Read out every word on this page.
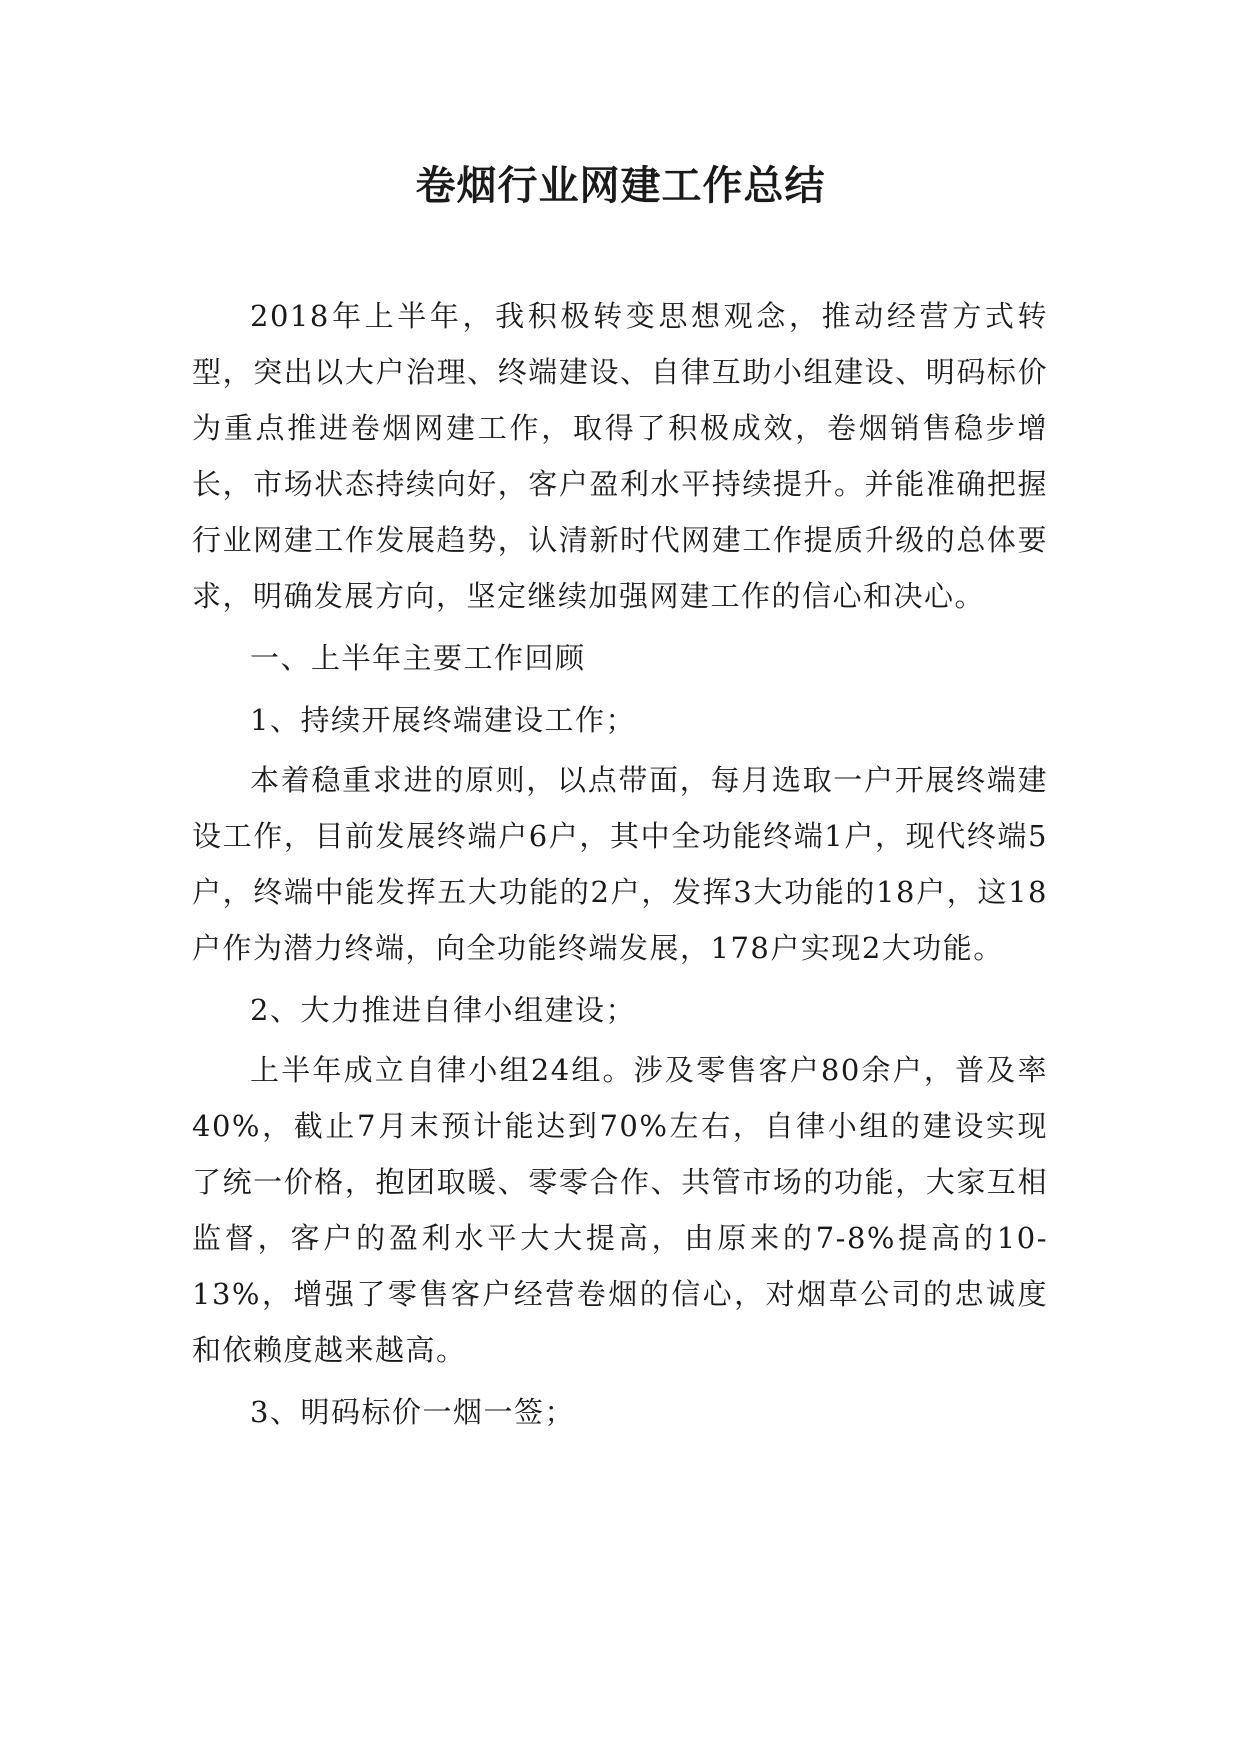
卷烟行业网建工作总结

2018年上半年，我积极转变思想观念，推动经营方式转型，突出以大户治理、终端建设、自律互助小组建设、明码标价为重点推进卷烟网建工作，取得了积极成效，卷烟销售稳步增长，市场状态持续向好，客户盈利水平持续提升。并能准确把握行业网建工作发展趋势，认清新时代网建工作提质升级的总体要求，明确发展方向，坚定继续加强网建工作的信心和决心。

一、上半年主要工作回顾

1、持续开展终端建设工作；

本着稳重求进的原则，以点带面，每月选取一户开展终端建设工作，目前发展终端户6户，其中全功能终端1户，现代终端5户，终端中能发挥五大功能的2户，发挥3大功能的18户，这18户作为潜力终端，向全功能终端发展，178户实现2大功能。

2、大力推进自律小组建设；

上半年成立自律小组24组。涉及零售客户80余户，普及率40%，截止7月末预计能达到70%左右，自律小组的建设实现了统一价格，抱团取暖、零零合作、共管市场的功能，大家互相监督，客户的盈利水平大大提高，由原来的7-8%提高的10-13%，增强了零售客户经营卷烟的信心，对烟草公司的忠诚度和依赖度越来越高。

3、明码标价一烟一签；
